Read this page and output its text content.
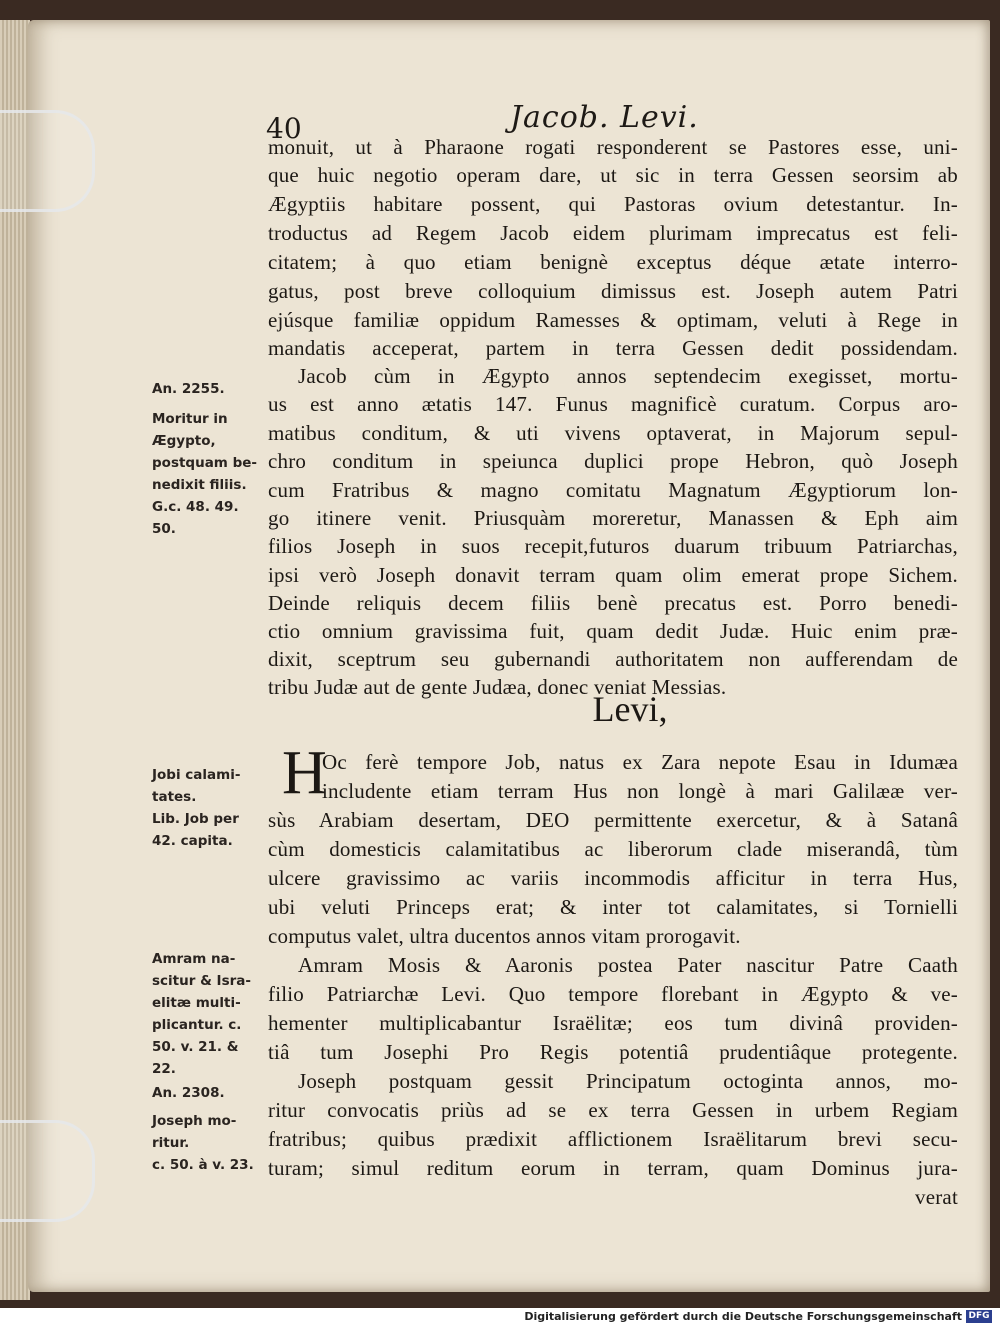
40	Jacob. Levi.
monuit, ut à Pharaone rogati responderent se Pastores esse, uni-
que huic negotio operam dare, ut sic in terra Gessen seorsim ab
Ægyptiis habitare possent, qui Pastoras ovium detestantur. In-
troductus ad Regem Jacob eidem plurimam imprecatus est feli-
citatem; à quo etiam benignè exceptus déque ætate interro-
gatus, post breve colloquium dimissus est. Joseph autem Patri
ejúsque familiæ oppidum Ramesses & optimam, veluti à Rege in
mandatis acceperat, partem in terra Gessen dedit possidendam.
Jacob cùm in Ægypto annos septendecim exegisset, mortu-
us est anno ætatis 147. Funus magnificè curatum. Corpus aro-
matibus conditum, & uti vivens optaverat, in Majorum sepul-
chro conditum in speiunca duplici prope Hebron, quò Joseph
cum Fratribus & magno comitatu Magnatum Ægyptiorum lon-
go itinere venit. Priusquàm moreretur, Manassen & Eph aim
filios Joseph in suos recepit,futuros duarum tribuum Patriarchas,
ipsi verò Joseph donavit terram quam olim emerat prope Sichem.
Deinde reliquis decem filiis benè precatus est. Porro benedi-
ctio omnium gravissima fuit, quam dedit Judæ. Huic enim præ-
dixit, sceptrum seu gubernandi authoritatem non aufferendam de
tribu Judæ aut de gente Judæa, donec veniat Messias.
Levi,
H
Oc ferè tempore Job, natus ex Zara nepote Esau in Idumæa
includente etiam terram Hus non longè à mari Galilææ ver-
sùs Arabiam desertam, DEO permittente exercetur, & à Satanâ
cùm domesticis calamitatibus ac liberorum clade miserandâ, tùm
ulcere gravissimo ac variis incommodis afficitur in terra Hus,
ubi veluti Princeps erat; & inter tot calamitates, si Tornielli
computus valet, ultra ducentos annos vitam prorogavit.
Amram Mosis & Aaronis postea Pater nascitur Patre Caath
filio Patriarchæ Levi. Quo tempore florebant in Ægypto & ve-
hementer multiplicabantur Israëlitæ; eos tum divinâ providen-
tiâ tum Josephi Pro Regis potentiâ prudentiâque protegente.
Joseph postquam gessit Principatum octoginta annos, mo-
ritur convocatis priùs ad se ex terra Gessen in urbem Regiam
fratribus; quibus prædixit afflictionem Israëlitarum brevi secu-
turam; simul reditum eorum in terram, quam Dominus jura-
verat
An. 2255.
Moritur in
Ægypto,
postquam be-
nedixit filiis.
G.c. 48. 49.
50.
Jobi calami-
tates.
Lib. Job per
42. capita.
Amram na-
scitur & Isra-
elitæ multi-
plicantur. c.
50. v. 21. &
22.
An. 2308.
Joseph mo-
ritur.
c. 50. à v. 23.
Digitalisierung gefördert durch die Deutsche Forschungsgemeinschaft DFG
